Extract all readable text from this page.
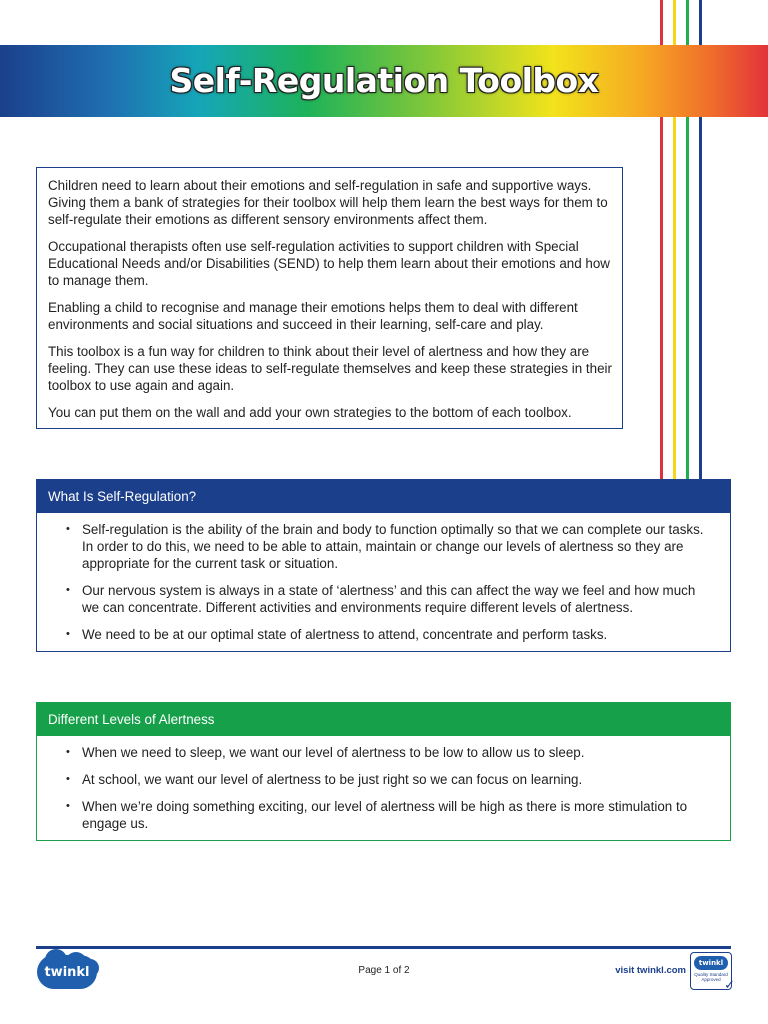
Self-Regulation Toolbox

Children need to learn about their emotions and self-regulation in safe and supportive ways. Giving them a bank of strategies for their toolbox will help them learn the best ways for them to self-regulate their emotions as different sensory environments affect them.

Occupational therapists often use self-regulation activities to support children with Special Educational Needs and/or Disabilities (SEND) to help them learn about their emotions and how to manage them.

Enabling a child to recognise and manage their emotions helps them to deal with different environments and social situations and succeed in their learning, self-care and play.

This toolbox is a fun way for children to think about their level of alertness and how they are feeling. They can use these ideas to self-regulate themselves and keep these strategies in their toolbox to use again and again.

You can put them on the wall and add your own strategies to the bottom of each toolbox.

What Is Self-Regulation?
• Self-regulation is the ability of the brain and body to function optimally so that we can complete our tasks. In order to do this, we need to be able to attain, maintain or change our levels of alertness so they are appropriate for the current task or situation.
• Our nervous system is always in a state of ‘alertness’ and this can affect the way we feel and how much we can concentrate. Different activities and environments require different levels of alertness.
• We need to be at our optimal state of alertness to attend, concentrate and perform tasks.
Different Levels of Alertness
• When we need to sleep, we want our level of alertness to be low to allow us to sleep.
• At school, we want our level of alertness to be just right so we can focus on learning.
• When we’re doing something exciting, our level of alertness will be high as there is more stimulation to engage us.
twinkl	Page 1 of 2	visit twinkl.com
twinkl
Quality Standard Approved ✓
